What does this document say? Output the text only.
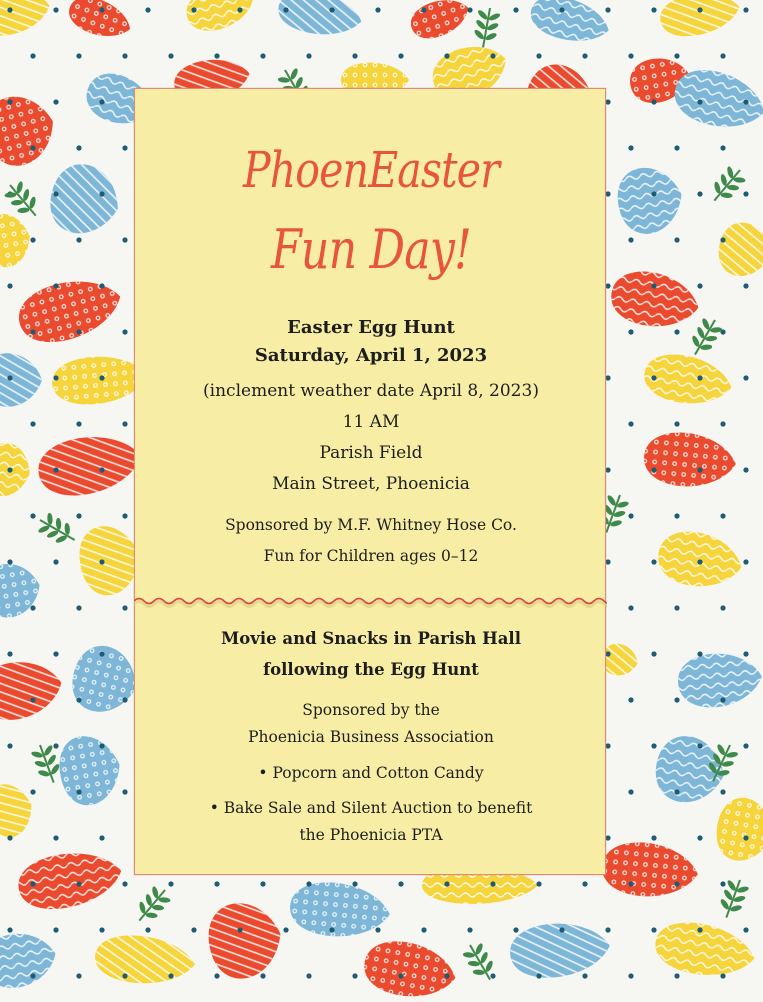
PhoenEaster
Fun Day!
Easter Egg Hunt
Saturday, April 1, 2023
(inclement weather date April 8, 2023)
11 AM
Parish Field
Main Street, Phoenicia
Sponsored by M.F. Whitney Hose Co.
Fun for Children ages 0–12
Movie and Snacks in Parish Hall
following the Egg Hunt
Sponsored by the
Phoenicia Business Association
• Popcorn and Cotton Candy
• Bake Sale and Silent Auction to benefit
the Phoenicia PTA
